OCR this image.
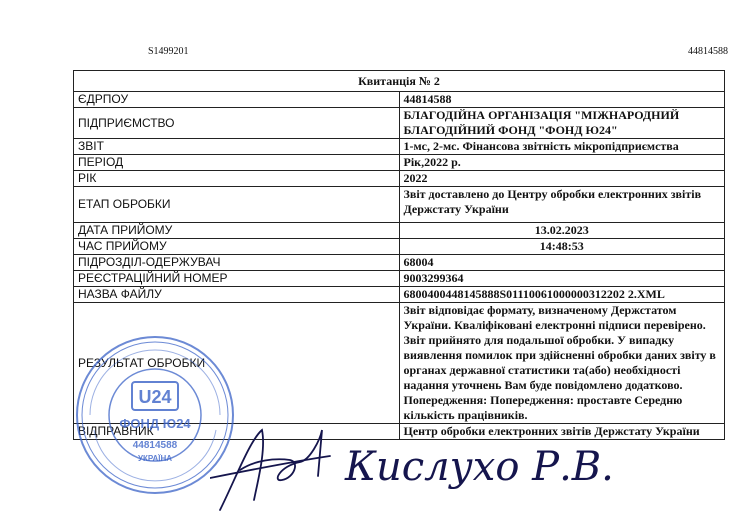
S1499201	44814588
Квитанція № 2	
ЄДРПОУ	44814588
ПІДПРИЄМСТВО	БЛАГОДІЙНА ОРГАНІЗАЦІЯ "МІЖНАРОДНИЙ БЛАГОДІЙНИЙ ФОНД "ФОНД Ю24"
ЗВІТ	1-мс, 2-мс. Фінансова звітність мікропідприємства
ПЕРІОД	Рік,2022 р.
РІК	2022
ЕТАП ОБРОБКИ	Звіт доставлено до Центру обробки електронних звітів Держстату України
ДАТА ПРИЙОМУ	13.02.2023
ЧАС ПРИЙОМУ	14:48:53
ПІДРОЗДІЛ-ОДЕРЖУВАЧ	68004
РЕЄСТРАЦІЙНИЙ НОМЕР	9003299364
НАЗВА ФАЙЛУ	6800400448145888S01110061000000312202 2.XML
РЕЗУЛЬТАТ ОБРОБКИ	Звіт відповідає формату, визначеному Держстатом України. Кваліфіковані електронні підписи перевірено. Звіт прийнято для подальшої обробки. У випадку виявлення помилок при здійсненні обробки даних звіту в органах державної статистики та(або) необхідності надання уточнень Вам буде повідомлено додатково. Попередження: Попередження: проставте Середню кількість працівників.
ВІДПРАВНИК	Центр обробки електронних звітів Держстату України
U24
ФОНД Ю24
44814588
УКРАЇНА	Кислухо Р.В.
